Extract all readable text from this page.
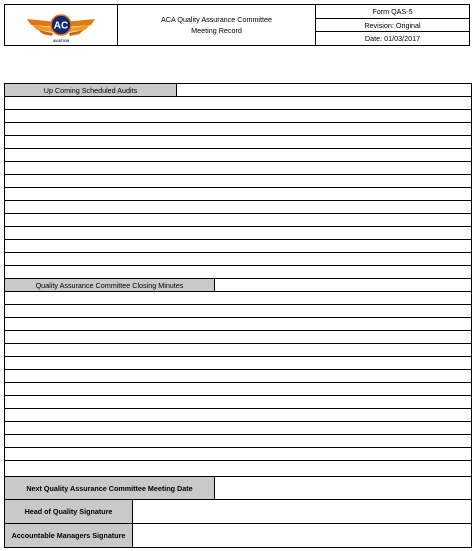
AC
AVIATION
ACA Quality Assurance Committee
Meeting Record
Form QAS-5
Revision: Original
Date: 01/03/2017
Up Coming Scheduled Audits
Quality Assurance Committee Closing Minutes
Next Quality Assurance Committee Meeting Date
Head of Quality Signature
Accountable Managers Signature
